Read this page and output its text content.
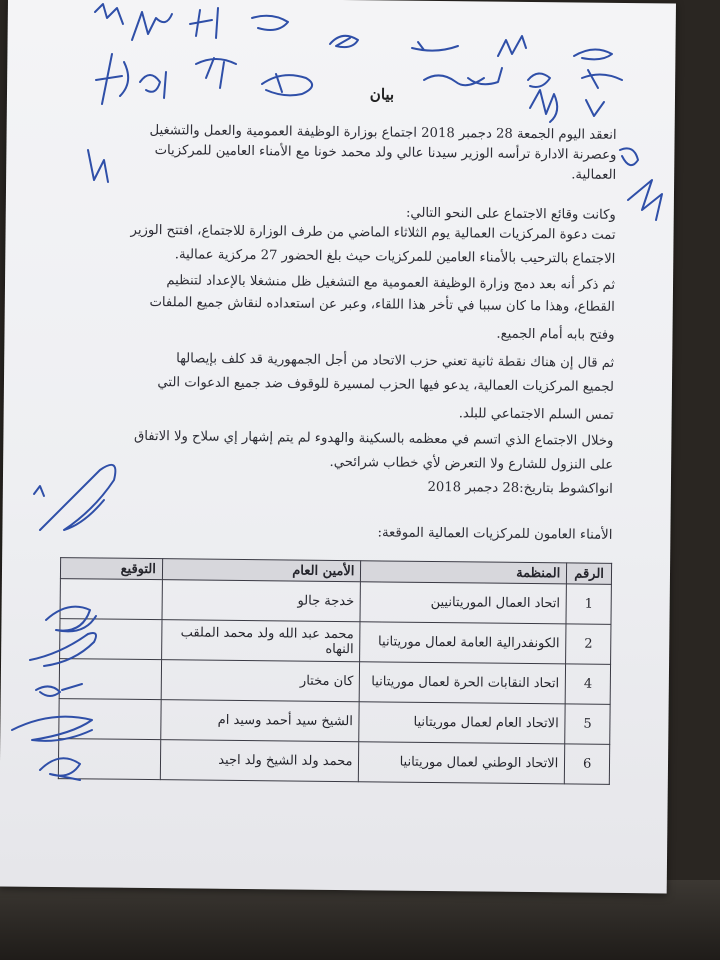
بيان
انعقد اليوم الجمعة 28 دجمبر 2018 اجتماع بوزارة الوظيفة العمومية والعمل والتشغيل
وعصرنة الادارة ترأسه الوزير سيدنا عالي ولد محمد خونا مع الأمناء العامين للمركزيات
العمالية.
وكانت وقائع الاجتماع على النحو التالي:
تمت دعوة المركزيات العمالية يوم الثلاثاء الماضي من طرف الوزارة للاجتماع، افتتح الوزير
الاجتماع بالترحيب بالأمناء العامين للمركزيات حيث بلغ الحضور 27 مركزية عمالية.
ثم ذكر أنه بعد دمج وزارة الوظيفة العمومية مع التشغيل ظل منشغلا بالإعداد لتنظيم
القطاع، وهذا ما كان سببا في تأخر هذا اللقاء، وعبر عن استعداده لنقاش جميع الملفات
وفتح بابه أمام الجميع.
ثم قال إن هناك نقطة ثانية تعني حزب الاتحاد من أجل الجمهورية قد كلف بإيصالها
لجميع المركزيات العمالية، يدعو فيها الحزب لمسيرة للوقوف ضد جميع الدعوات التي
تمس السلم الاجتماعي للبلد.
وخلال الاجتماع الذي اتسم في معظمه بالسكينة والهدوء لم يتم إشهار إي سلاح ولا الاتفاق
على النزول للشارع ولا التعرض لأي خطاب شرائحي.
انواكشوط بتاريخ:28 دجمبر 2018
الأمناء العامون للمركزيات العمالية الموقعة:
الرقم	المنظمة	الأمين العام	التوقيع
1	اتحاد العمال الموريتانيين	خدجة جالو	
2	الكونفدرالية العامة لعمال موريتانيا	محمد عبد الله ولد محمد الملقب النهاه	
4	اتحاد النقابات الحرة لعمال موريتانيا	كان مختار	
5	الاتحاد العام لعمال موريتانيا	الشيخ سيد أحمد وسيد ام	
6	الاتحاد الوطني لعمال موريتانيا	محمد ولد الشيخ ولد اجيد	
